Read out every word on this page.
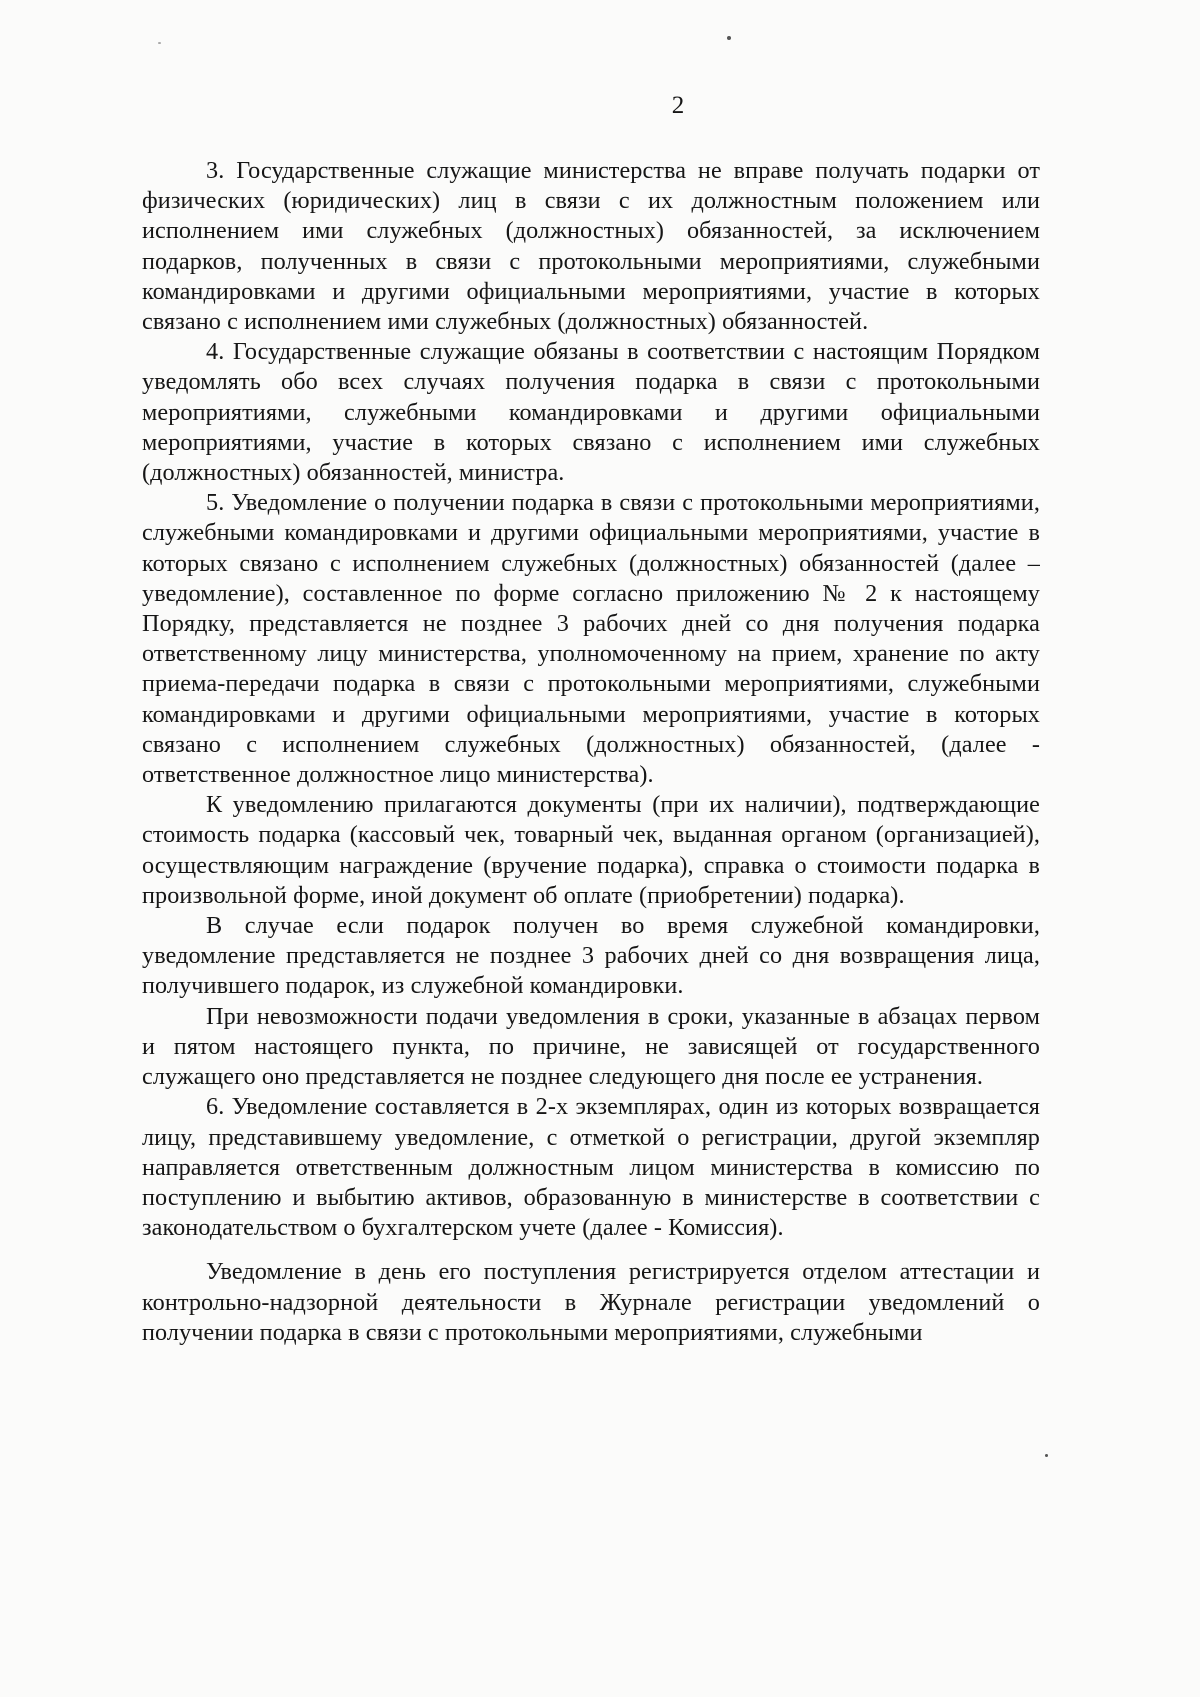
2

3. Государственные служащие министерства не вправе получать подарки от физических (юридических) лиц в связи с их должностным положением или исполнением ими служебных (должностных) обязанностей, за исключением подарков, полученных в связи с протокольными мероприятиями, служебными командировками и другими официальными мероприятиями, участие в которых связано с исполнением ими служебных (должностных) обязанностей.

4. Государственные служащие обязаны в соответствии с настоящим Порядком уведомлять обо всех случаях получения подарка в связи с протокольными мероприятиями, служебными командировками и другими официальными мероприятиями, участие в которых связано с исполнением ими служебных (должностных) обязанностей, министра.

5. Уведомление о получении подарка в связи с протокольными мероприятиями, служебными командировками и другими официальными мероприятиями, участие в которых связано с исполнением служебных (должностных) обязанностей (далее – уведомление), составленное по форме согласно приложению № 2 к настоящему Порядку, представляется не позднее 3 рабочих дней со дня получения подарка ответственному лицу министерства, уполномоченному на прием, хранение по акту приема-передачи подарка в связи с протокольными мероприятиями, служебными командировками и другими официальными мероприятиями, участие в которых связано с исполнением служебных (должностных) обязанностей, (далее - ответственное должностное лицо министерства).

К уведомлению прилагаются документы (при их наличии), подтверждающие стоимость подарка (кассовый чек, товарный чек, выданная органом (организацией), осуществляющим награждение (вручение подарка), справка о стоимости подарка в произвольной форме, иной документ об оплате (приобретении) подарка).

В случае если подарок получен во время служебной командировки, уведомление представляется не позднее 3 рабочих дней со дня возвращения лица, получившего подарок, из служебной командировки.

При невозможности подачи уведомления в сроки, указанные в абзацах первом и пятом настоящего пункта, по причине, не зависящей от государственного служащего оно представляется не позднее следующего дня после ее устранения.

6. Уведомление составляется в 2-х экземплярах, один из которых возвращается лицу, представившему уведомление, с отметкой о регистрации, другой экземпляр направляется ответственным должностным лицом министерства в комиссию по поступлению и выбытию активов, образованную в министерстве в соответствии с законодательством о бухгалтерском учете (далее - Комиссия).

Уведомление в день его поступления регистрируется отделом аттестации и контрольно-надзорной деятельности в Журнале регистрации уведомлений о получении подарка в связи с протокольными мероприятиями, служебными
